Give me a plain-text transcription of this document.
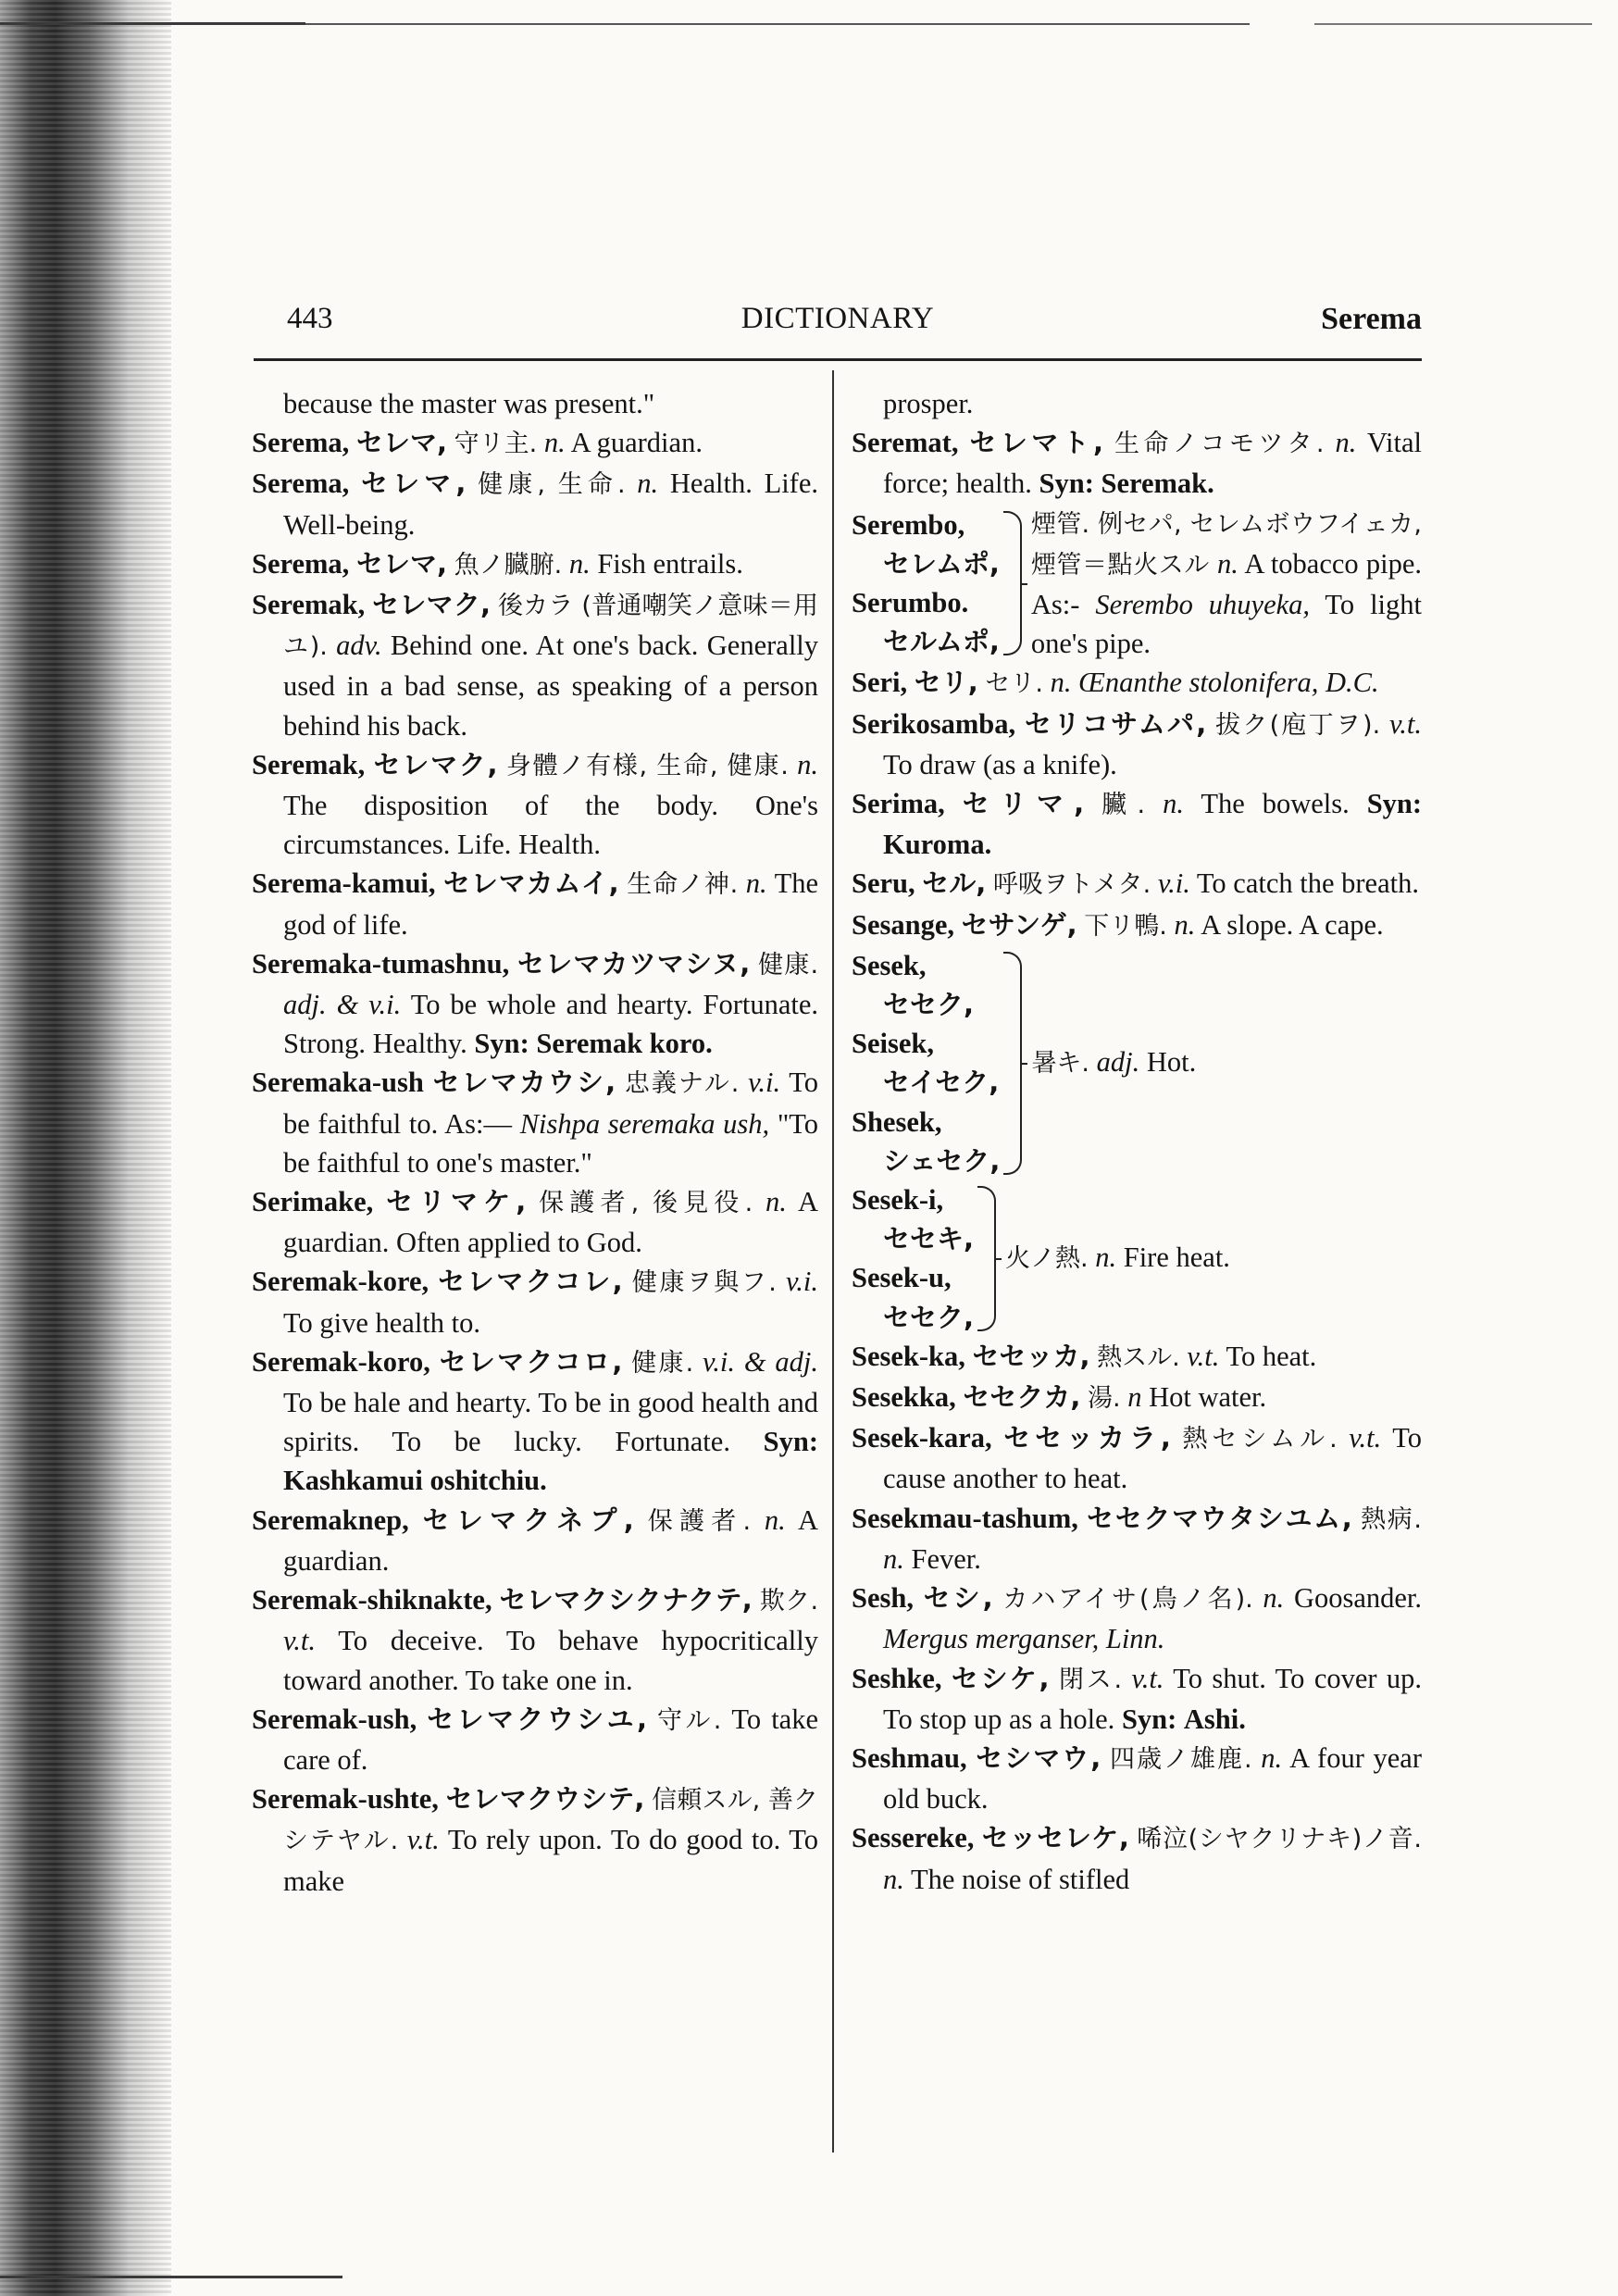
443	DICTIONARY	Serema

because the master was present."

Serema, セレマ, 守リ主. n. A guardian.

Serema, セレマ, 健康, 生命. n. Health. Life. Well-being.

Serema, セレマ, 魚ノ臓腑. n. Fish entrails.

Seremak, セレマク, 後カラ (普通嘲笑ノ意味＝用ユ). adv. Behind one. At one's back. Generally used in a bad sense, as speaking of a person behind his back.

Seremak, セレマク, 身體ノ有様, 生命, 健康. n. The disposition of the body. One's circumstances. Life. Health.

Serema-kamui, セレマカムイ, 生命ノ神. n. The god of life.

Seremaka-tumashnu, セレマカツマシヌ, 健康. adj. & v.i. To be whole and hearty. Fortunate. Strong. Healthy. Syn: Seremak koro.

Seremaka-ush セレマカウシ, 忠義ナル. v.i. To be faithful to. As:— Nishpa seremaka ush, "To be faithful to one's master."

Serimake, セリマケ, 保護者, 後見役. n. A guardian. Often applied to God.

Seremak-kore, セレマクコレ, 健康ヲ與フ. v.i. To give health to.

Seremak-koro, セレマクコロ, 健康. v.i. & adj. To be hale and hearty. To be in good health and spirits. To be lucky. Fortunate. Syn: Kashkamui oshitchiu.

Seremaknep, セレマクネプ, 保護者. n. A guardian.

Seremak-shiknakte, セレマクシクナクテ, 欺ク. v.t. To deceive. To behave hypocritically toward another. To take one in.

Seremak-ush, セレマクウシユ, 守ル. To take care of.

Seremak-ushte, セレマクウシテ, 信頼スル, 善クシテヤル. v.t. To rely upon. To do good to. To make

prosper.

Seremat, セレマト, 生命ノコモツタ. n. Vital force; health. Syn: Seremak.

Serembo,
セレムポ,
Serumbo.
セルムポ,
煙管. 例セパ, セレムボウフイェカ, 煙管＝點火スル n. A tobacco pipe. As:- Serembo uhuyeka, To light one's pipe.

Seri, セリ, セリ. n. Œnanthe stolonifera, D.C.

Serikosamba, セリコサムパ, 拔ク(庖丁ヲ). v.t. To draw (as a knife).

Serima, セリマ, 臟. n. The bowels. Syn: Kuroma.

Seru, セル, 呼吸ヲトメタ. v.i. To catch the breath.

Sesange, セサンゲ, 下リ鴨. n. A slope. A cape.

Sesek,
セセク,
Seisek,
セイセク,
Shesek,
シェセク,
暑キ. adj. Hot.
Sesek-i,
セセキ,
Sesek-u,
セセク,
火ノ熱. n. Fire heat.

Sesek-ka, セセッカ, 熱スル. v.t. To heat.

Sesekka, セセクカ, 湯. n Hot water.

Sesek-kara, セセッカラ, 熱セシムル. v.t. To cause another to heat.

Sesekmau-tashum, セセクマウタシユム, 熱病. n. Fever.

Sesh, セシ, カハアイサ(鳥ノ名). n. Goosander. Mergus merganser, Linn.

Seshke, セシケ, 閉ス. v.t. To shut. To cover up. To stop up as a hole. Syn: Ashi.

Seshmau, セシマウ, 四歳ノ雄鹿. n. A four year old buck.

Sessereke, セッセレケ, 唏泣(シヤクリナキ)ノ音. n. The noise of stifled
